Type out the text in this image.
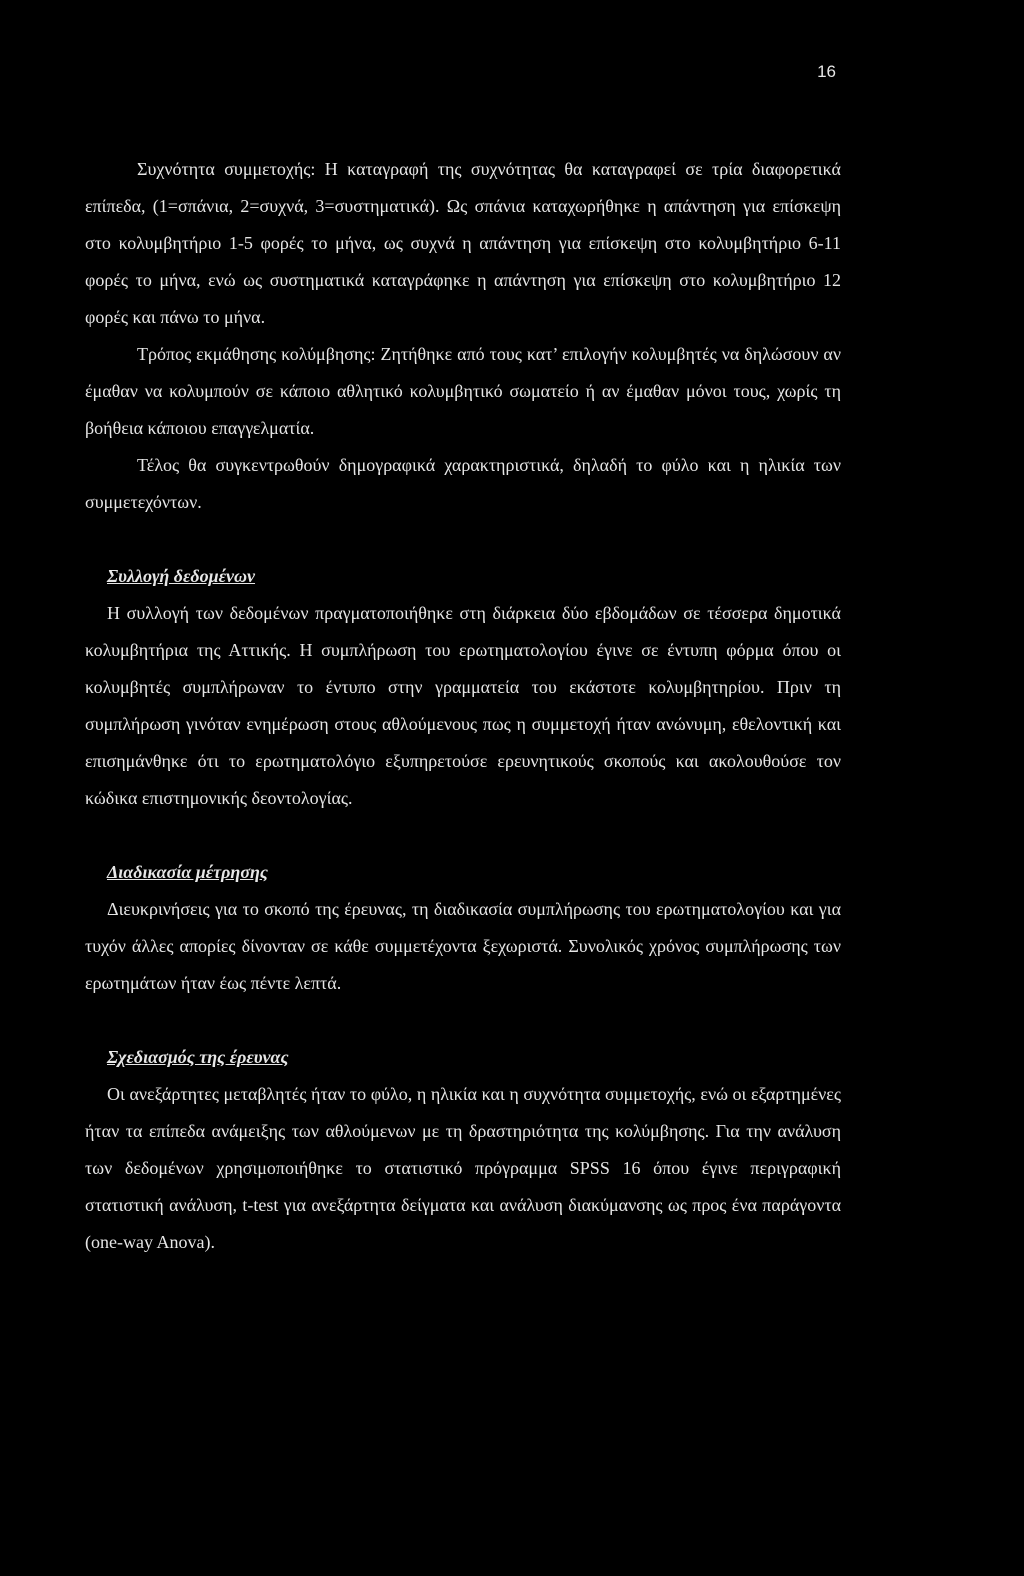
16

Συχνότητα συμμετοχής: Η καταγραφή της συχνότητας θα καταγραφεί σε τρία διαφορετικά επίπεδα, (1=σπάνια, 2=συχνά, 3=συστηματικά). Ως σπάνια καταχωρήθηκε η απάντηση για επίσκεψη στο κολυμβητήριο 1-5 φορές το μήνα, ως συχνά η απάντηση για επίσκεψη στο κολυμβητήριο 6-11 φορές το μήνα, ενώ ως συστηματικά καταγράφηκε η απάντηση για επίσκεψη στο κολυμβητήριο 12 φορές και πάνω το μήνα.

Τρόπος εκμάθησης κολύμβησης: Ζητήθηκε από τους κατ’ επιλογήν κολυμβητές να δηλώσουν αν έμαθαν να κολυμπούν σε κάποιο αθλητικό κολυμβητικό σωματείο ή αν έμαθαν μόνοι τους, χωρίς τη βοήθεια κάποιου επαγγελματία.

Τέλος θα συγκεντρωθούν δημογραφικά χαρακτηριστικά, δηλαδή το φύλο και η ηλικία των συμμετεχόντων.

Συλλογή δεδομένων

Η συλλογή των δεδομένων πραγματοποιήθηκε στη διάρκεια δύο εβδομάδων σε τέσσερα δημοτικά κολυμβητήρια της Αττικής. Η συμπλήρωση του ερωτηματολογίου έγινε σε έντυπη φόρμα όπου οι κολυμβητές συμπλήρωναν το έντυπο στην γραμματεία του εκάστοτε κολυμβητηρίου. Πριν τη συμπλήρωση γινόταν ενημέρωση στους αθλούμενους πως η συμμετοχή ήταν ανώνυμη, εθελοντική και επισημάνθηκε ότι το ερωτηματολόγιο εξυπηρετούσε ερευνητικούς σκοπούς και ακολουθούσε τον κώδικα επιστημονικής δεοντολογίας.

Διαδικασία μέτρησης

Διευκρινήσεις για το σκοπό της έρευνας, τη διαδικασία συμπλήρωσης του ερωτηματολογίου και για τυχόν άλλες απορίες δίνονταν σε κάθε συμμετέχοντα ξεχωριστά. Συνολικός χρόνος συμπλήρωσης των ερωτημάτων ήταν έως πέντε λεπτά.

Σχεδιασμός της έρευνας

Οι ανεξάρτητες μεταβλητές ήταν το φύλο, η ηλικία και η συχνότητα συμμετοχής, ενώ οι εξαρτημένες ήταν τα επίπεδα ανάμειξης των αθλούμενων με τη δραστηριότητα της κολύμβησης. Για την ανάλυση των δεδομένων χρησιμοποιήθηκε το στατιστικό πρόγραμμα SPSS 16 όπου έγινε περιγραφική στατιστική ανάλυση, t-test για ανεξάρτητα δείγματα και ανάλυση διακύμανσης ως προς ένα παράγοντα (one-way Anova).
